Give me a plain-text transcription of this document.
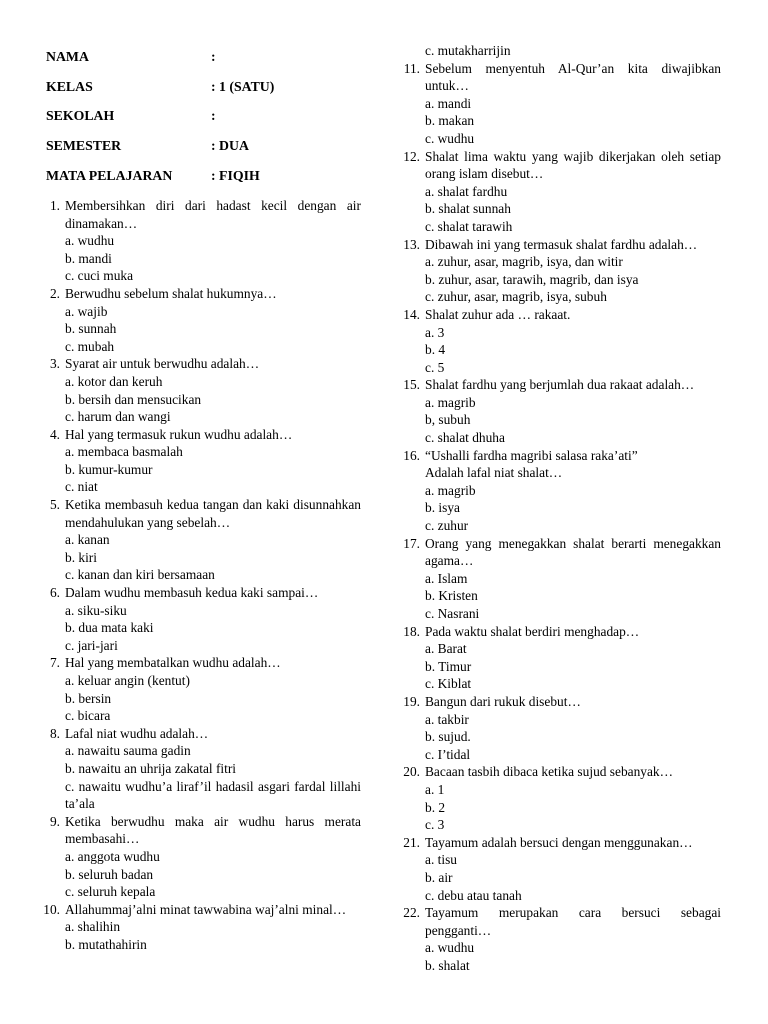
NAMA	:
KELAS	: 1 (SATU)
SEKOLAH	:
SEMESTER	: DUA
MATA PELAJARAN	: FIQIH
1. Membersihkan diri dari hadast kecil dengan air dinamakan…
a. wudhu
b. mandi
c. cuci muka
2. Berwudhu sebelum shalat hukumnya…
a. wajib
b. sunnah
c. mubah
3. Syarat air untuk berwudhu adalah…
a. kotor dan keruh
b. bersih dan mensucikan
c. harum dan wangi
4. Hal yang termasuk rukun wudhu adalah…
a. membaca basmalah
b. kumur-kumur
c. niat
5. Ketika membasuh kedua tangan dan kaki disunnahkan mendahulukan yang sebelah…
a. kanan
b. kiri
c. kanan dan kiri bersamaan
6. Dalam wudhu membasuh kedua kaki sampai…
a. siku-siku
b. dua mata kaki
c. jari-jari
7. Hal yang membatalkan wudhu adalah…
a. keluar angin (kentut)
b. bersin
c. bicara
8. Lafal niat wudhu adalah…
a. nawaitu sauma gadin
b. nawaitu an uhrija zakatal fitri
c. nawaitu wudhu’a liraf’il hadasil asgari fardal lillahi ta’ala
9. Ketika berwudhu maka air wudhu harus merata membasahi…
a. anggota wudhu
b. seluruh badan
c. seluruh kepala
10. Allahummaj’alni minat tawwabina waj’alni minal…
a. shalihin
b. mutathahirin
c. mutakharrijin
11. Sebelum menyentuh Al-Qur’an kita diwajibkan untuk…
a. mandi
b. makan
c. wudhu
12. Shalat lima waktu yang wajib dikerjakan oleh setiap orang islam disebut…
a. shalat fardhu
b. shalat sunnah
c. shalat tarawih
13. Dibawah ini yang termasuk shalat fardhu adalah…
a. zuhur, asar, magrib, isya, dan witir
b. zuhur, asar, tarawih, magrib, dan isya
c. zuhur, asar, magrib, isya, subuh
14. Shalat zuhur ada … rakaat.
a. 3
b. 4
c. 5
15. Shalat fardhu yang berjumlah dua rakaat adalah…
a. magrib
b, subuh
c. shalat dhuha
16. “Ushalli fardha magribi salasa raka’ati”
Adalah lafal niat shalat…
a. magrib
b. isya
c. zuhur
17. Orang yang menegakkan shalat berarti menegakkan agama…
a. Islam
b. Kristen
c. Nasrani
18. Pada waktu shalat berdiri menghadap…
a. Barat
b. Timur
c. Kiblat
19. Bangun dari rukuk disebut…
a. takbir
b. sujud.
c. I’tidal
20. Bacaan tasbih dibaca ketika sujud sebanyak…
a. 1
b. 2
c. 3
21. Tayamum adalah bersuci dengan menggunakan…
a. tisu
b. air
c. debu atau tanah
22. Tayamum merupakan cara bersuci sebagai pengganti…
a. wudhu
b. shalat
